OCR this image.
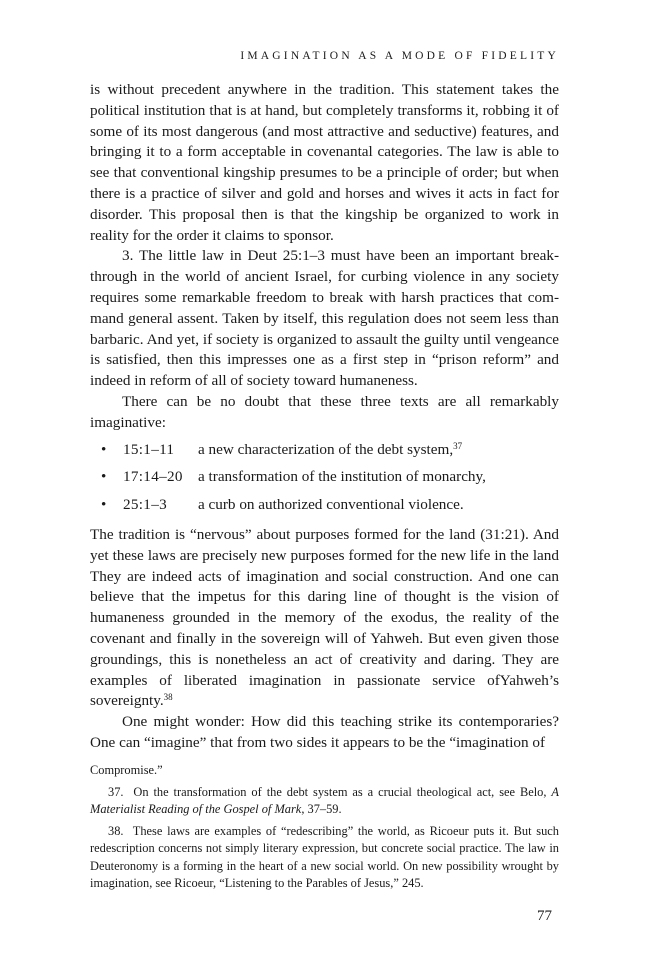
IMAGINATION AS A MODE OF FIDELITY

is without precedent anywhere in the tradition. This statement takes the political institution that is at hand, but completely transforms it, robbing it of some of its most dangerous (and most attractive and seductive) features, and bringing it to a form acceptable in covenantal categories. The law is able to see that conventional kingship presumes to be a principle of order; but when there is a practice of silver and gold and horses and wives it acts in fact for disorder. This proposal then is that the kingship be organized to work in reality for the order it claims to sponsor.

3. The little law in Deut 25:1–3 must have been an important breakthrough in the world of ancient Israel, for curbing violence in any society requires some remarkable freedom to break with harsh practices that command general assent. Taken by itself, this regulation does not seem less than barbaric. And yet, if society is organized to assault the guilty until vengeance is satisfied, then this impresses one as a first step in “prison reform” and indeed in reform of all of society toward humaneness.

There can be no doubt that these three texts are all remarkably imaginative:

• 15:1–11 a new characterization of the debt system,$^{37}$
• 17:14–20 a transformation of the institution of monarchy,
• 25:1–3 a curb on authorized conventional violence.

The tradition is “nervous” about purposes formed for the land (31:21). And yet these laws are precisely new purposes formed for the new life in the land They are indeed acts of imagination and social construction. And one can believe that the impetus for this daring line of thought is the vision of humaneness grounded in the memory of the exodus, the reality of the covenant and finally in the sovereign will of Yahweh. But even given those groundings, this is nonetheless an act of creativity and daring. They are examples of liberated imagination in passionate service ofYahweh’s sovereignty.$^{38}$

One might wonder: How did this teaching strike its contemporaries? One can “imagine” that from two sides it appears to be the “imagination of

Compromise.”

37. On the transformation of the debt system as a crucial theological act, see Belo, A Materialist Reading of the Gospel of Mark, 37–59.

38. These laws are examples of “redescribing” the world, as Ricoeur puts it. But such redescription concerns not simply literary expression, but concrete social practice. The law in Deuteronomy is a forming in the heart of a new social world. On new possibility wrought by imagination, see Ricoeur, “Listening to the Parables of Jesus,” 245.

77
